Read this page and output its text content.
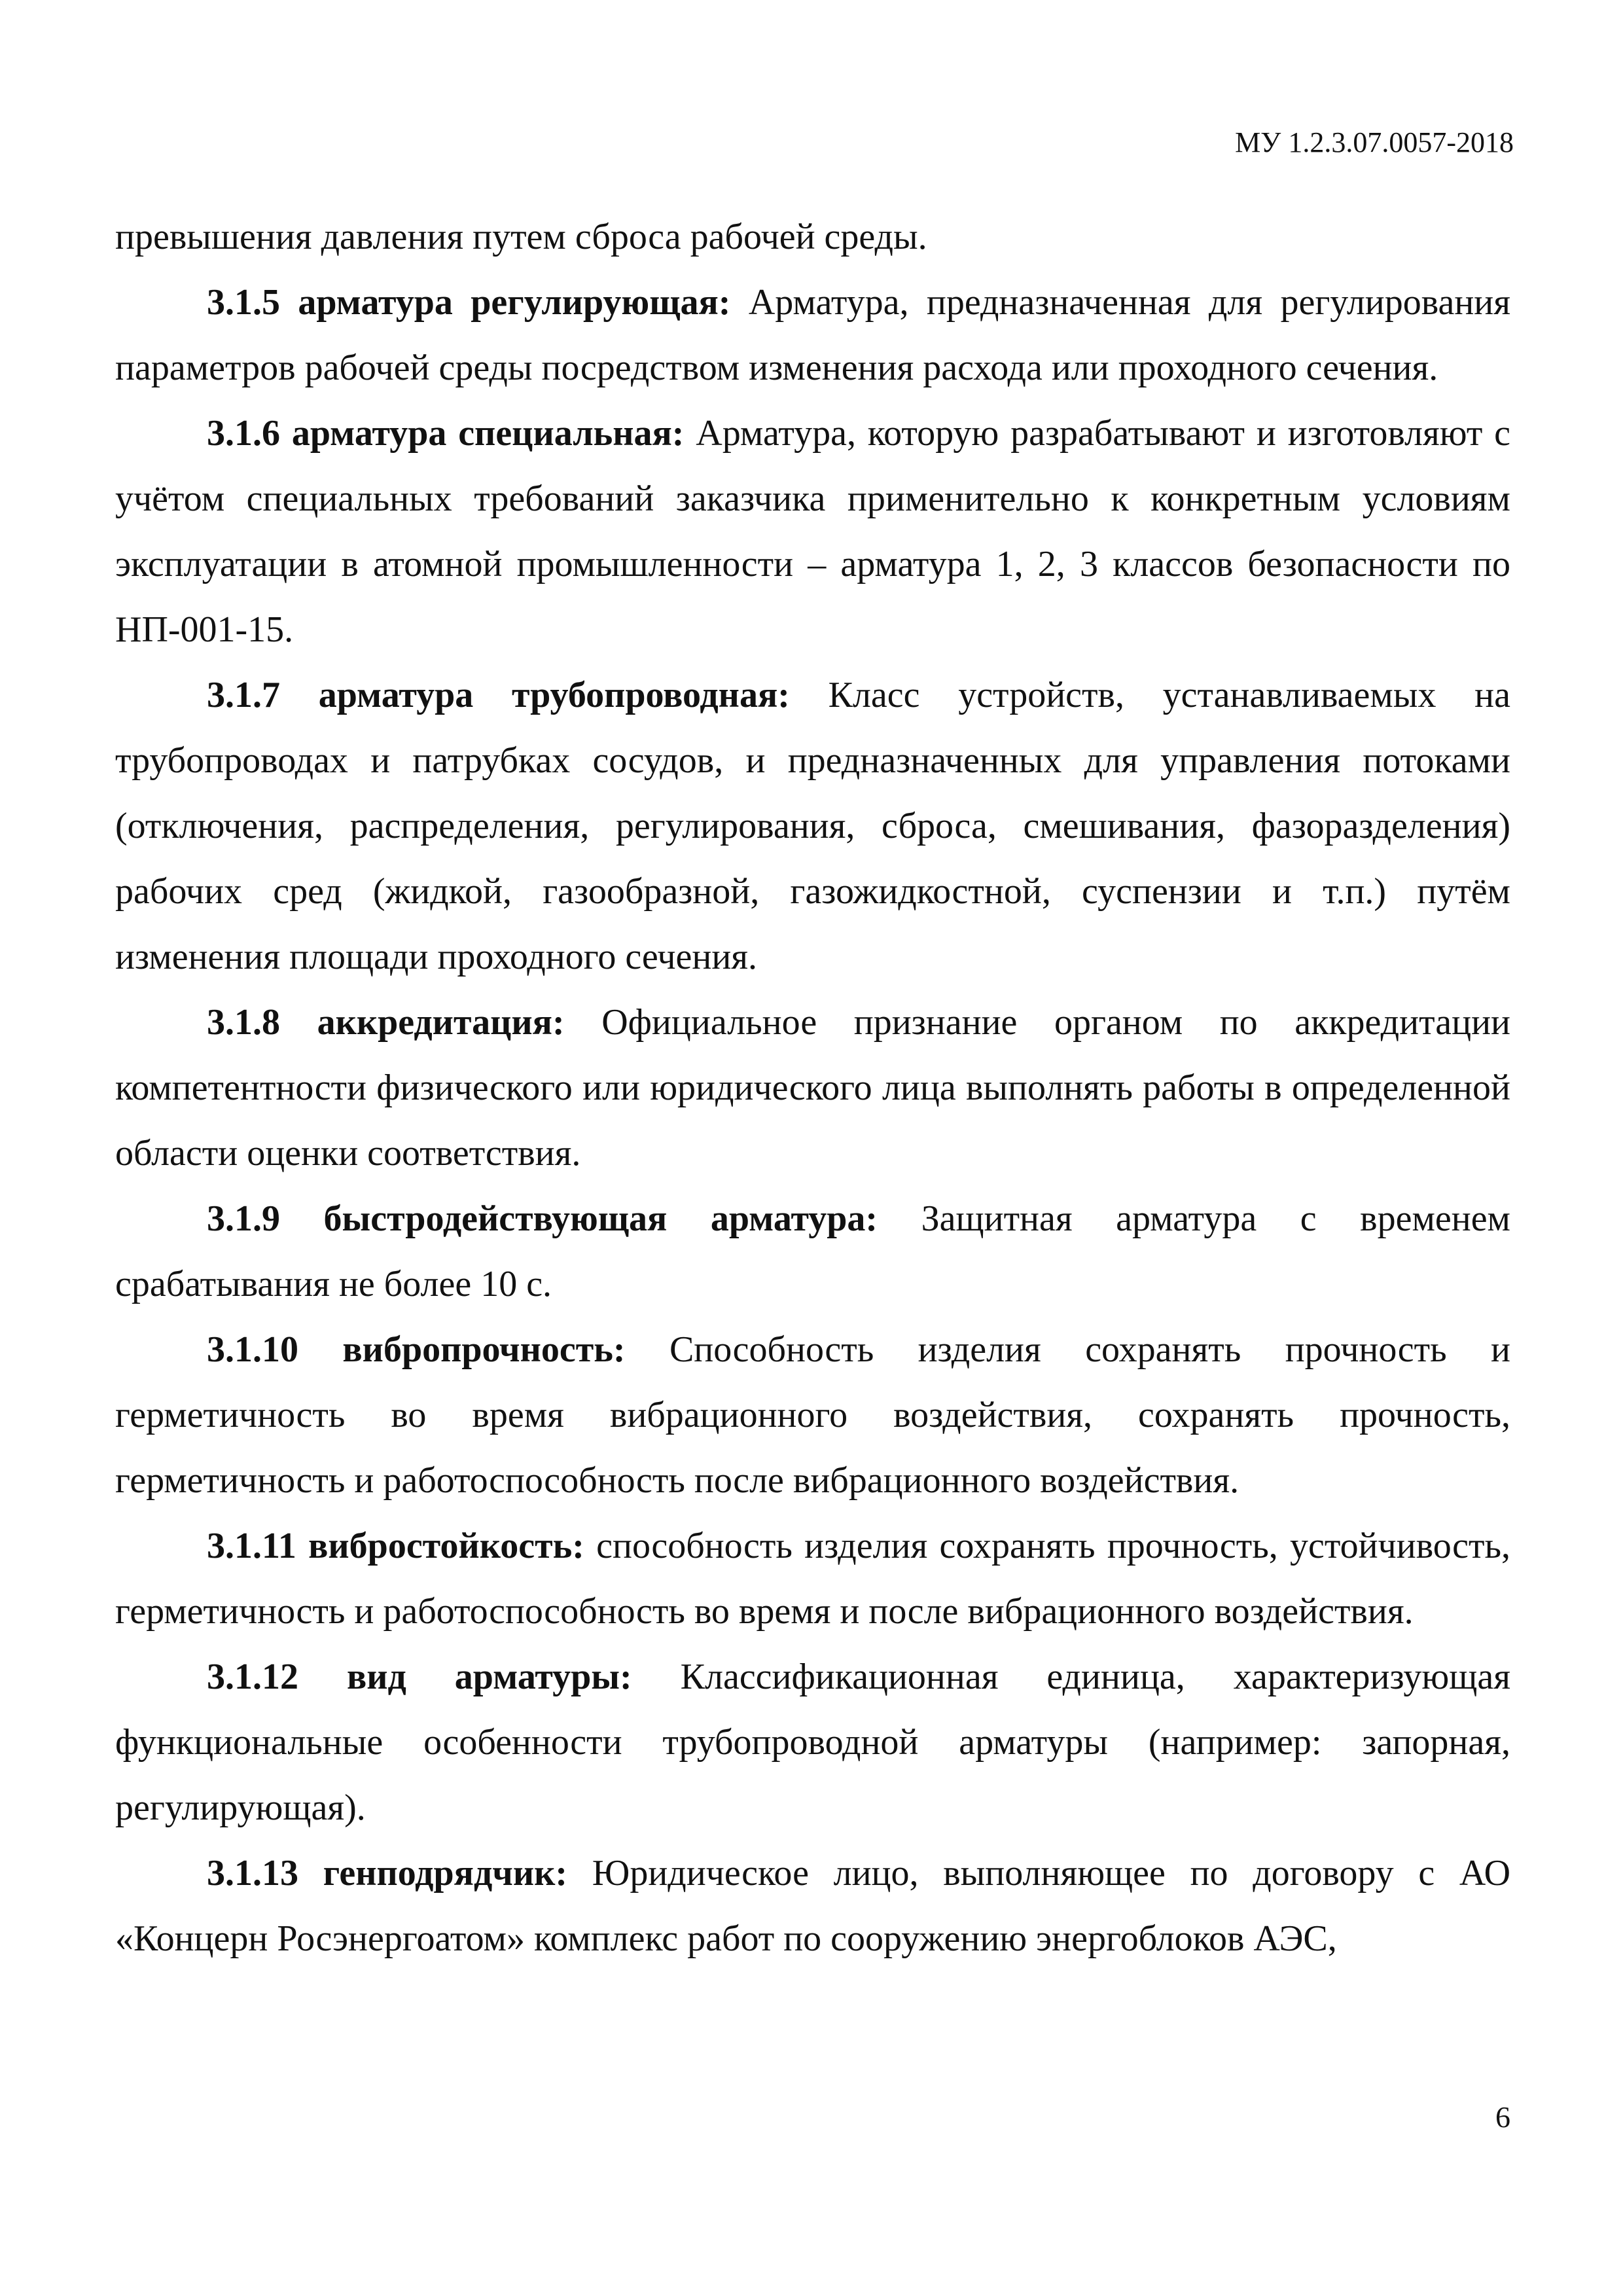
МУ 1.2.3.07.0057-2018

превышения давления путем сброса рабочей среды.

3.1.5 арматура регулирующая: Арматура, предназначенная для регулирования параметров рабочей среды посредством изменения расхода или проходного сечения.

3.1.6 арматура специальная: Арматура, которую разрабатывают и изготовляют с учётом специальных требований заказчика применительно к конкретным условиям эксплуатации в атомной промышленности – арматура 1, 2, 3 классов безопасности по НП-001-15.

3.1.7 арматура трубопроводная: Класс устройств, устанавливаемых на трубопроводах и патрубках сосудов, и предназначенных для управления потоками (отключения, распределения, регулирования, сброса, смешивания, фазоразделения) рабочих сред (жидкой, газообразной, газожидкостной, суспензии и т.п.) путём изменения площади проходного сечения.

3.1.8 аккредитация: Официальное признание органом по аккредитации компетентности физического или юридического лица выполнять работы в определенной области оценки соответствия.

3.1.9 быстродействующая арматура: Защитная арматура с временем срабатывания не более 10 с.

3.1.10 вибропрочность: Способность изделия сохранять прочность и герметичность во время вибрационного воздействия, сохранять прочность, герметичность и работоспособность после вибрационного воздействия.

3.1.11 вибростойкость: способность изделия сохранять прочность, устойчивость, герметичность и работоспособность во время и после вибрационного воздействия.

3.1.12 вид арматуры: Классификационная единица, характеризующая функциональные особенности трубопроводной арматуры (например: запорная, регулирующая).

3.1.13 генподрядчик: Юридическое лицо, выполняющее по договору с АО «Концерн Росэнергоатом» комплекс работ по сооружению энергоблоков АЭС,

6
